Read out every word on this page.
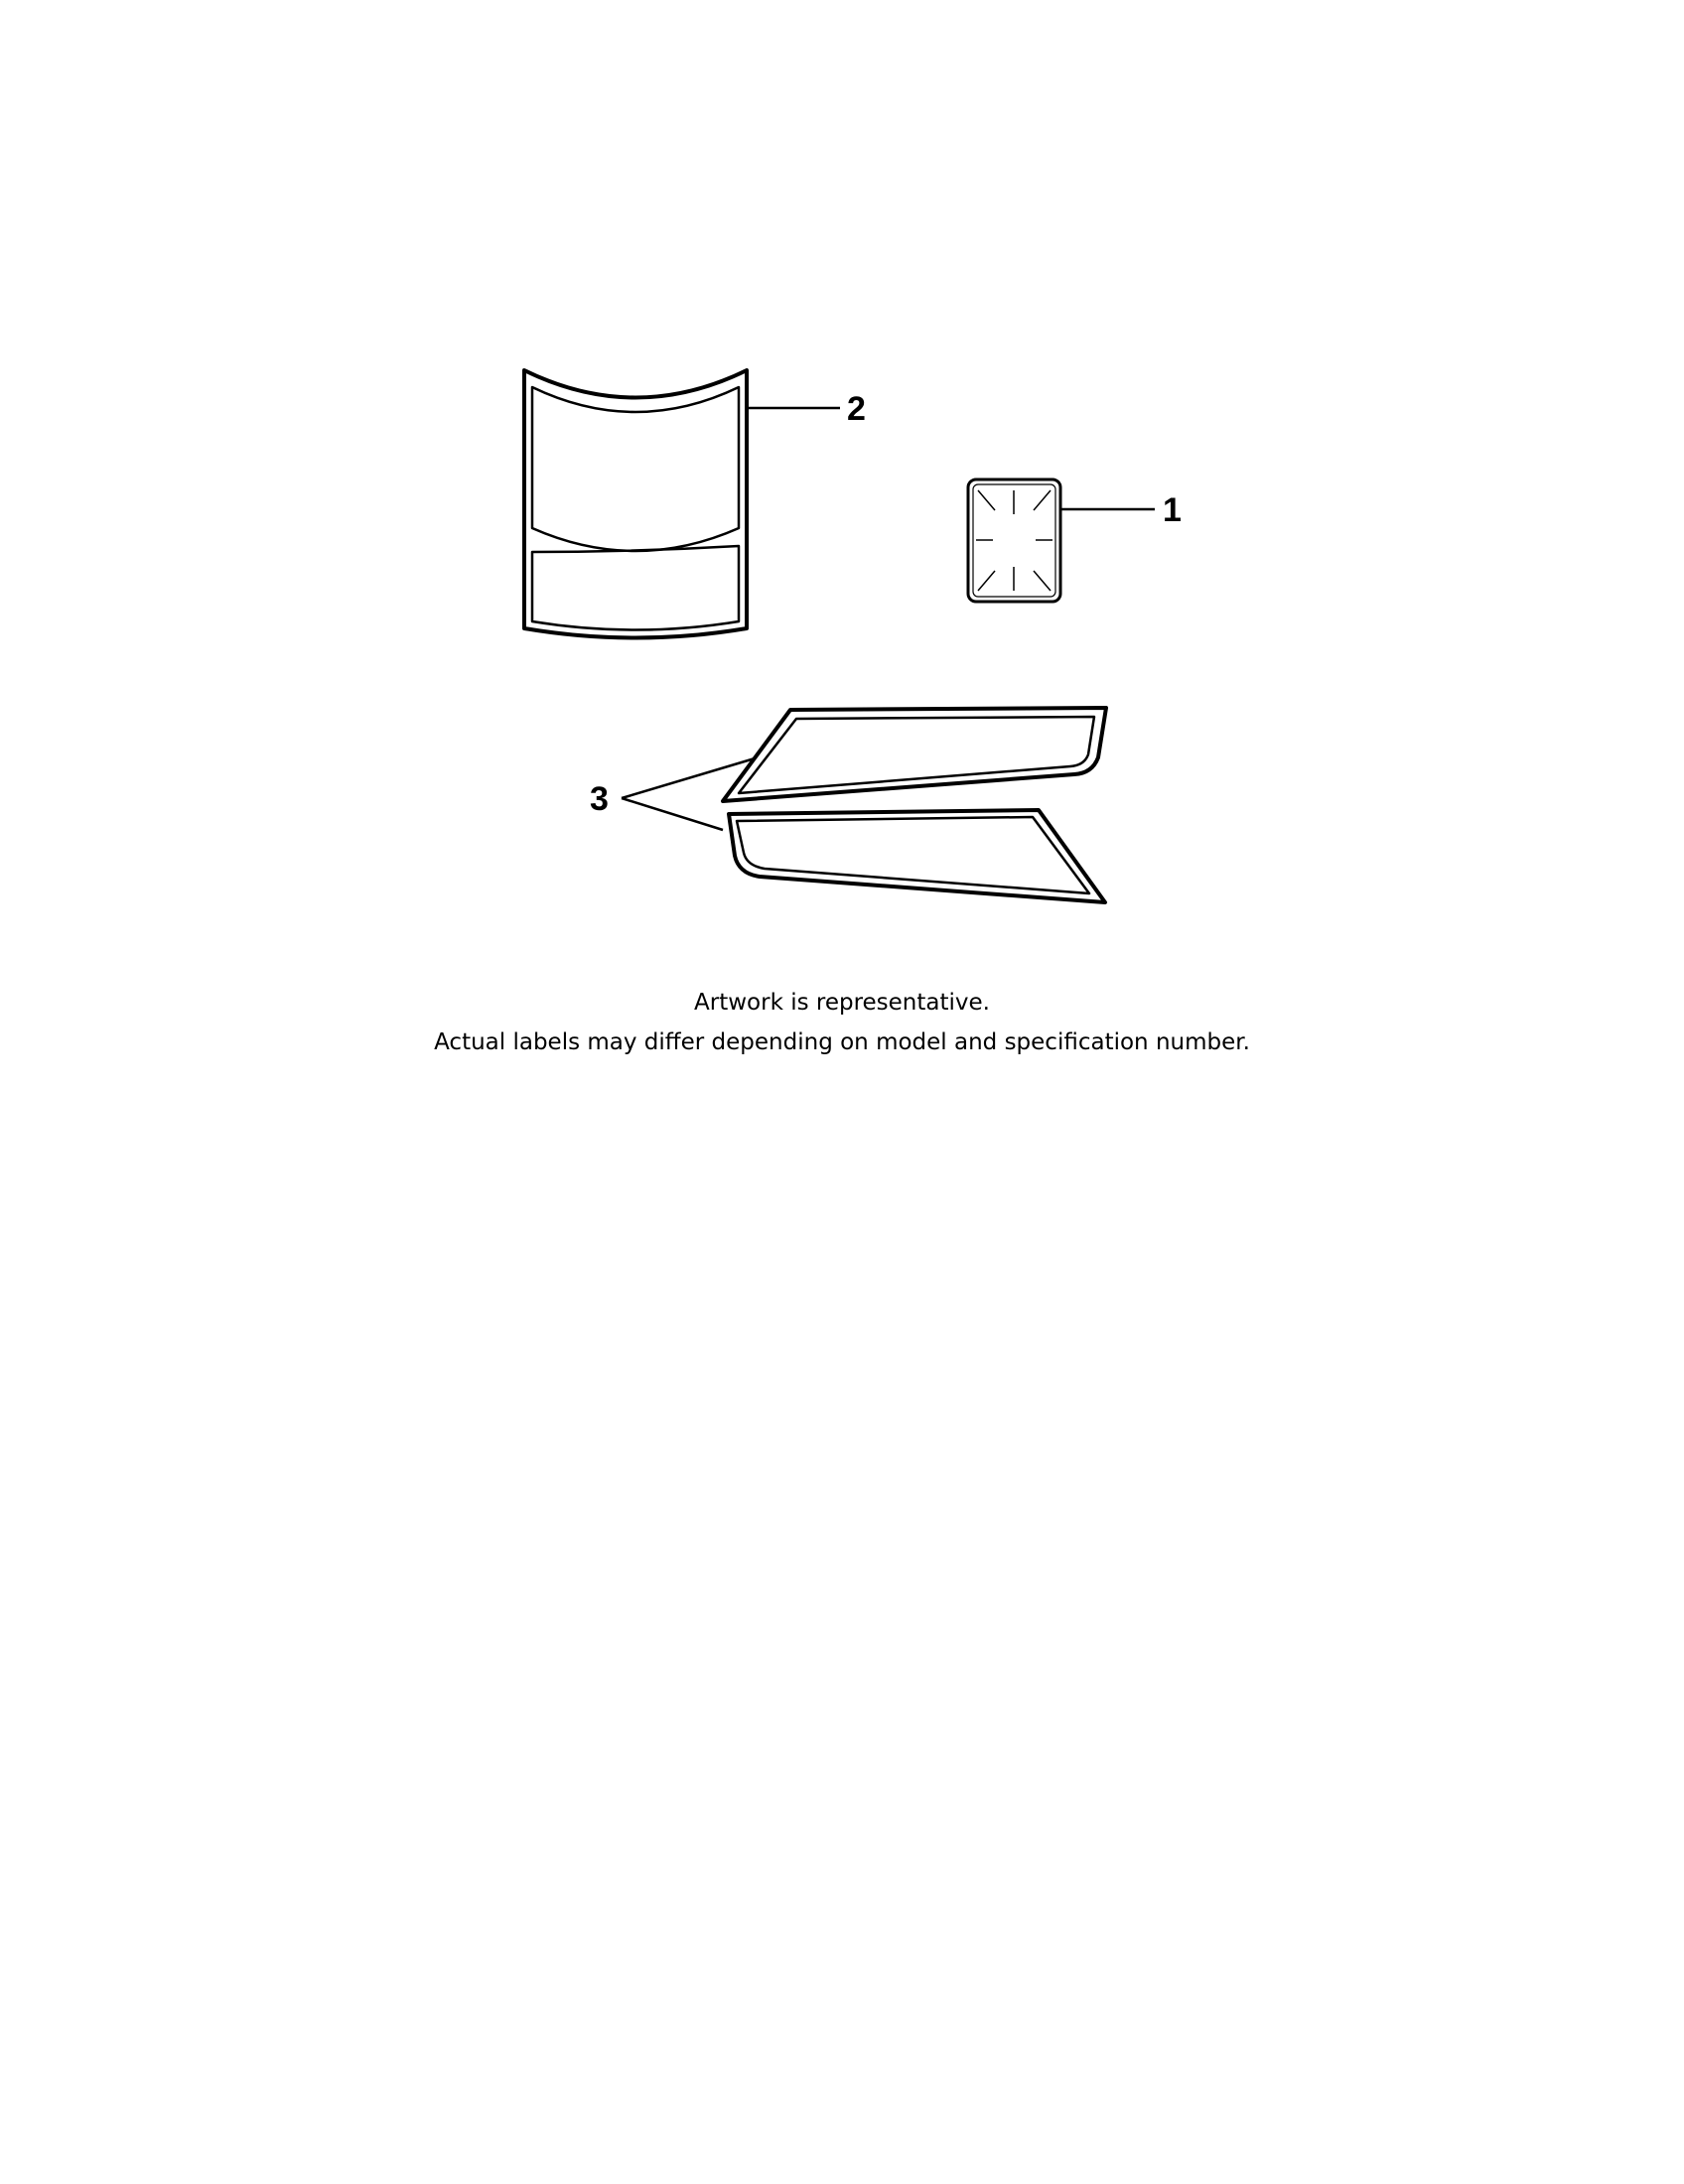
2
1
3
Artwork is representative.
Actual labels may differ depending on model and specification number.
